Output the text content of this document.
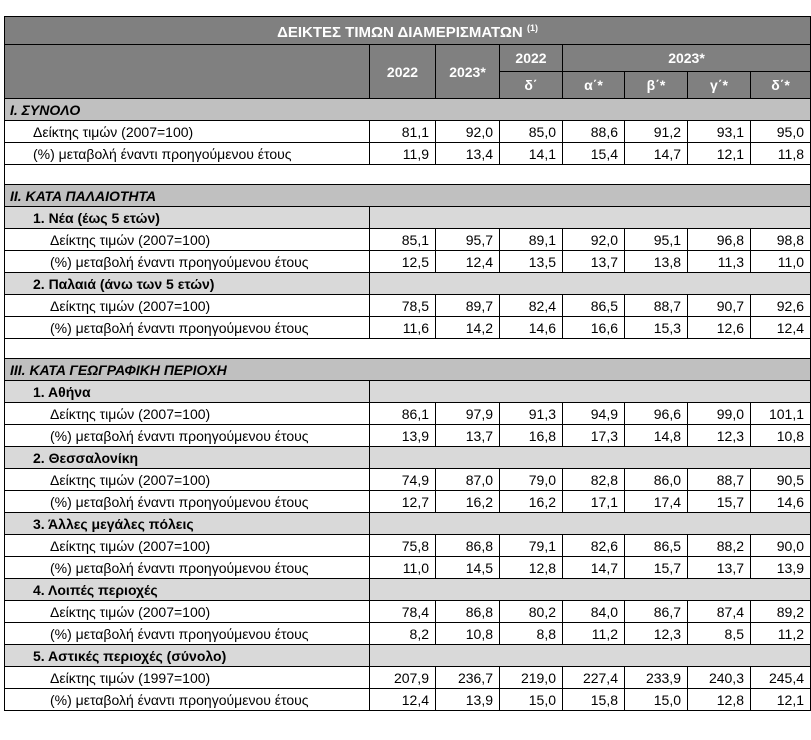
ΔΕΙΚΤΕΣ ΤΙΜΩΝ ΔΙΑΜΕΡΙΣΜΑΤΩΝ $^{(1)}$
	2022	2023*	2022	2023*			
			δ΄	α΄*	β΄*	γ΄*	δ΄*
Ι. ΣΥΝΟΛΟ							
Δείκτης τιμών (2007=100)	81,1	92,0	85,0	88,6	91,2	93,1	95,0
(%) μεταβολή έναντι προηγούμενου έτους	11,9	13,4	14,1	15,4	14,7	12,1	11,8

ΙΙ. ΚΑΤΑ ΠΑΛΑΙΟΤΗΤΑ							
1. Νέα (έως 5 ετών)							
Δείκτης τιμών (2007=100)	85,1	95,7	89,1	92,0	95,1	96,8	98,8
(%) μεταβολή έναντι προηγούμενου έτους	12,5	12,4	13,5	13,7	13,8	11,3	11,0
2. Παλαιά (άνω των 5 ετών)							
Δείκτης τιμών (2007=100)	78,5	89,7	82,4	86,5	88,7	90,7	92,6
(%) μεταβολή έναντι προηγούμενου έτους	11,6	14,2	14,6	16,6	15,3	12,6	12,4

ΙΙΙ. ΚΑΤΑ ΓΕΩΓΡΑΦΙΚΗ ΠΕΡΙΟΧΗ							
1. Αθήνα							
Δείκτης τιμών (2007=100)	86,1	97,9	91,3	94,9	96,6	99,0	101,1
(%) μεταβολή έναντι προηγούμενου έτους	13,9	13,7	16,8	17,3	14,8	12,3	10,8
2. Θεσσαλονίκη							
Δείκτης τιμών (2007=100)	74,9	87,0	79,0	82,8	86,0	88,7	90,5
(%) μεταβολή έναντι προηγούμενου έτους	12,7	16,2	16,2	17,1	17,4	15,7	14,6
3. Άλλες μεγάλες πόλεις							
Δείκτης τιμών (2007=100)	75,8	86,8	79,1	82,6	86,5	88,2	90,0
(%) μεταβολή έναντι προηγούμενου έτους	11,0	14,5	12,8	14,7	15,7	13,7	13,9
4. Λοιπές περιοχές							
Δείκτης τιμών (2007=100)	78,4	86,8	80,2	84,0	86,7	87,4	89,2
(%) μεταβολή έναντι προηγούμενου έτους	8,2	10,8	8,8	11,2	12,3	8,5	11,2
5. Αστικές περιοχές (σύνολο)							
Δείκτης τιμών (1997=100)	207,9	236,7	219,0	227,4	233,9	240,3	245,4
(%) μεταβολή έναντι προηγούμενου έτους	12,4	13,9	15,0	15,8	15,0	12,8	12,1
